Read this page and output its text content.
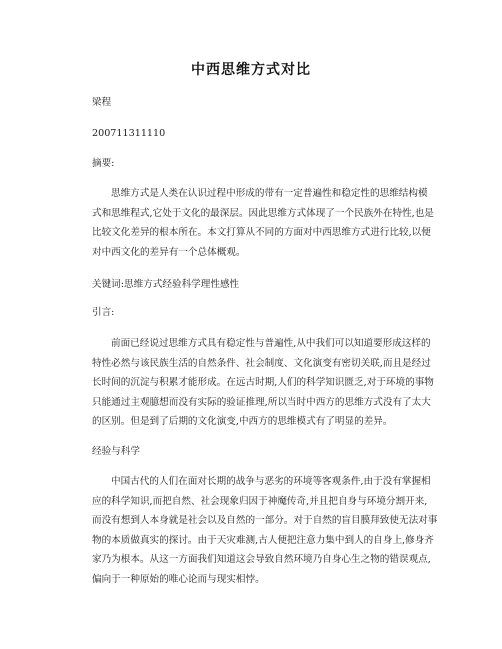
中西思维方式对比
梁程
200711311110
摘要:

思维方式是人类在认识过程中形成的带有一定普遍性和稳定性的思维结构模

式和思维程式,它处于文化的最深层。因此思维方式体现了一个民族外在特性,也是

比较文化差异的根本所在。本文打算从不同的方面对中西思维方式进行比较,以便

对中西文化的差异有一个总体概观。

关键词:思维方式经验科学理性感性
引言:

前面已经说过思维方式具有稳定性与普遍性,从中我们可以知道要形成这样的

特性必然与该民族生活的自然条件、社会制度、文化演变有密切关联,而且是经过

长时间的沉淀与积累才能形成。在远古时期,人们的科学知识匮乏,对于环境的事物

只能通过主观臆想而没有实际的验证推理,所以当时中西方的思维方式没有了太大

的区别。但是到了后期的文化演变,中西方的思维模式有了明显的差异。

经验与科学

中国古代的人们在面对长期的战争与恶劣的环境等客观条件,由于没有掌握相

应的科学知识,而把自然、社会现象归因于神魔传奇,并且把自身与环境分割开来,

而没有想到人本身就是社会以及自然的一部分。对于自然的盲目膜拜致使无法对事

物的本质做真实的探讨。由于天灾难测,古人便把注意力集中到人的自身上,修身齐

家乃为根本。从这一方面我们知道这会导致自然环境乃自身心生之物的错误观点,

偏向于一种原始的唯心论而与现实相悖。
